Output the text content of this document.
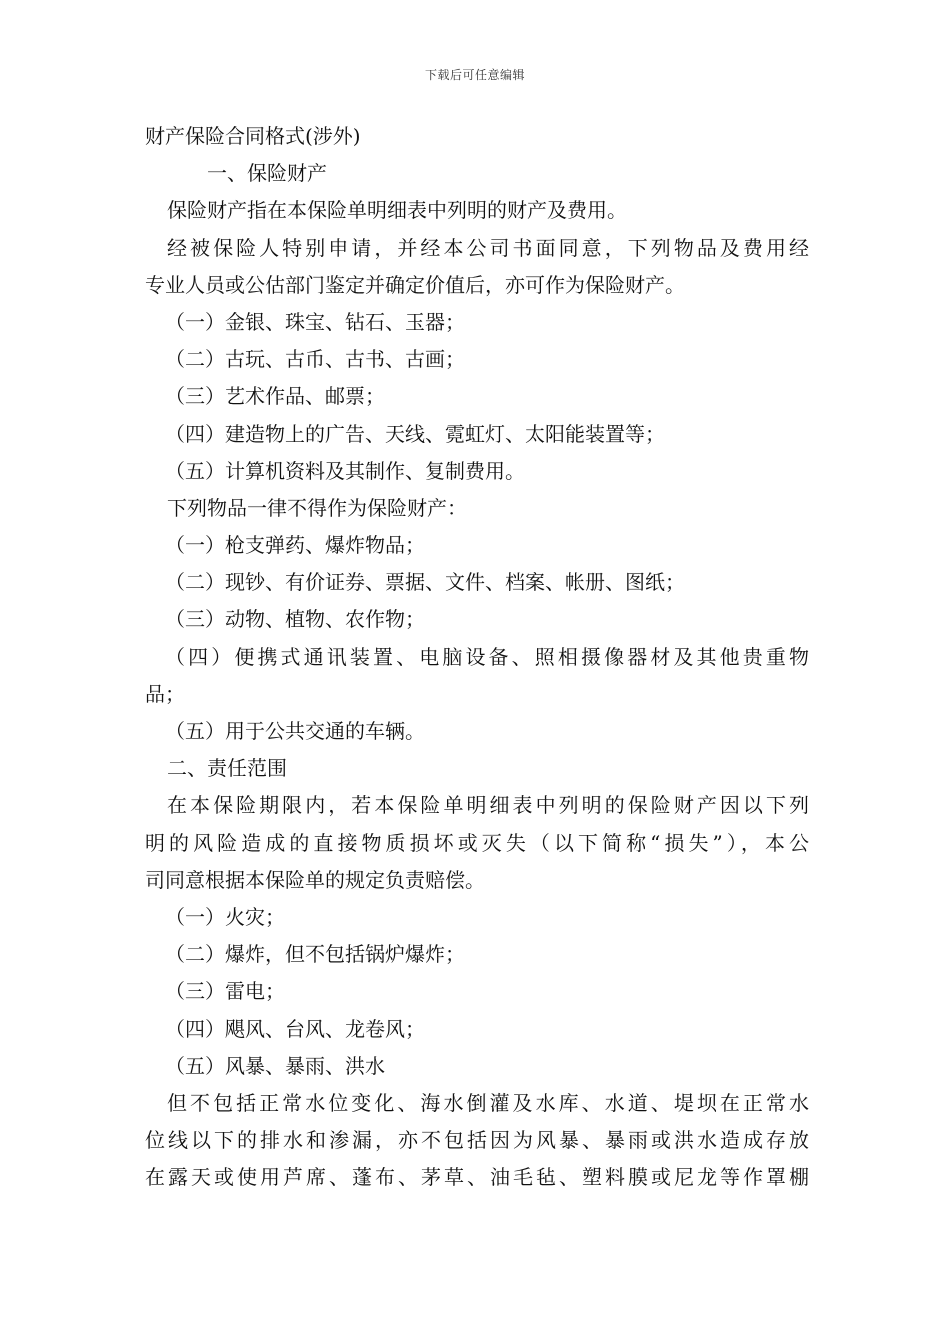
下载后可任意编辑
财产保险合同格式(涉外)
一、保险财产
保险财产指在本保险单明细表中列明的财产及费用。
经被保险人特别申请，并经本公司书面同意，下列物品及费用经
专业人员或公估部门鉴定并确定价值后，亦可作为保险财产。
（一）金银、珠宝、钻石、玉器；
（二）古玩、古币、古书、古画；
（三）艺术作品、邮票；
（四）建造物上的广告、天线、霓虹灯、太阳能装置等；
（五）计算机资料及其制作、复制费用。
下列物品一律不得作为保险财产：
（一）枪支弹药、爆炸物品；
（二）现钞、有价证券、票据、文件、档案、帐册、图纸；
（三）动物、植物、农作物；
（四）便携式通讯装置、电脑设备、照相摄像器材及其他贵重物
品；
（五）用于公共交通的车辆。
二、责任范围
在本保险期限内，若本保险单明细表中列明的保险财产因以下列
明的风险造成的直接物质损坏或灭失（以下简称“损失”），本公
司同意根据本保险单的规定负责赔偿。
（一）火灾；
（二）爆炸，但不包括锅炉爆炸；
（三）雷电；
（四）飓风、台风、龙卷风；
（五）风暴、暴雨、洪水
但不包括正常水位变化、海水倒灌及水库、水道、堤坝在正常水
位线以下的排水和渗漏，亦不包括因为风暴、暴雨或洪水造成存放
在露天或使用芦席、蓬布、茅草、油毛毡、塑料膜或尼龙等作罩棚
